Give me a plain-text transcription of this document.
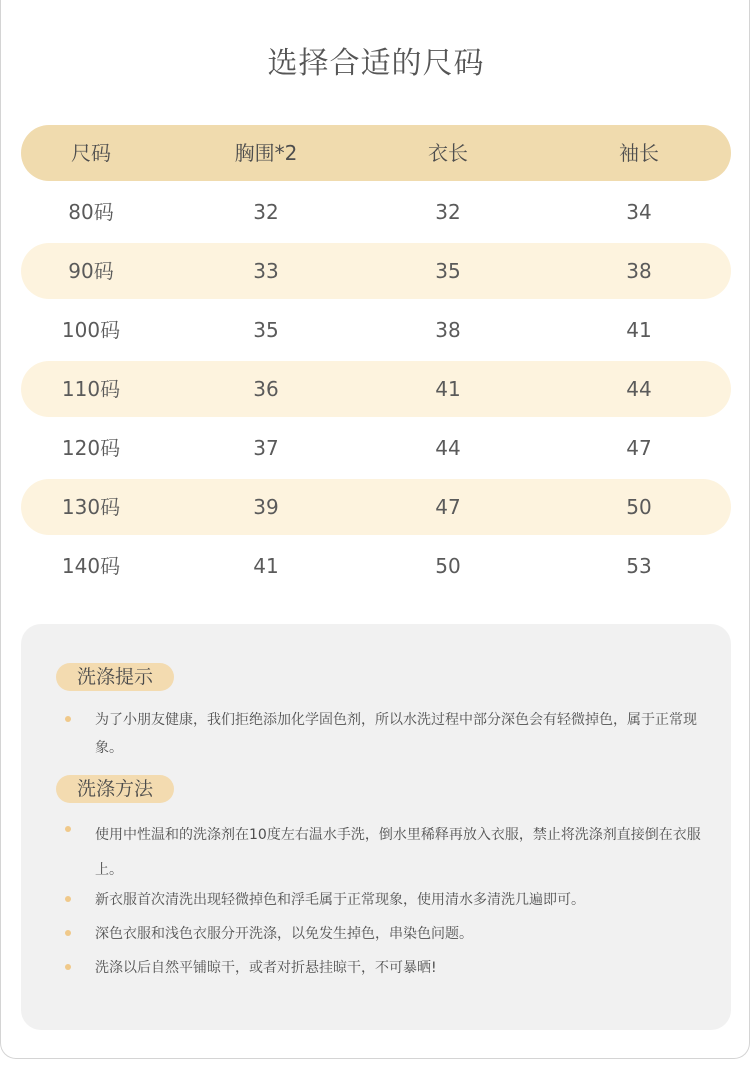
选择合适的尺码
尺码	胸围*2	衣长	袖长
80码	32	32	34
90码	33	35	38
100码	35	38	41
110码	36	41	44
120码	37	44	47
130码	39	47	50
140码	41	50	53
洗涤提示
为了小朋友健康，我们拒绝添加化学固色剂，所以水洗过程中部分深色会有轻微掉色，属于正常现象。
洗涤方法
使用中性温和的洗涤剂在10度左右温水手洗，倒水里稀释再放入衣服，禁止将洗涤剂直接倒在衣服上。
新衣服首次清洗出现轻微掉色和浮毛属于正常现象，使用清水多清洗几遍即可。
深色衣服和浅色衣服分开洗涤，以免发生掉色，串染色问题。
洗涤以后自然平铺晾干，或者对折悬挂晾干，不可暴晒!
